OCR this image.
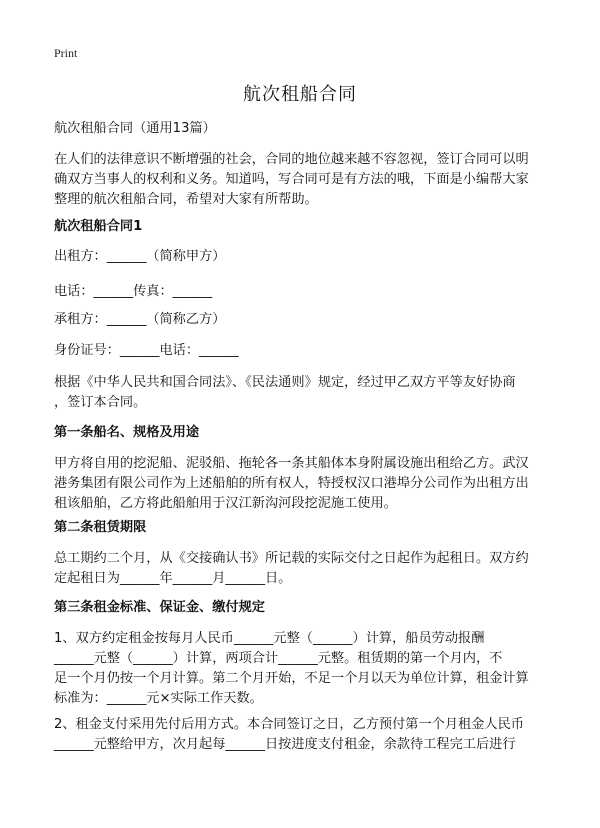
Print
航次租船合同
航次租船合同（通用13篇）
在人们的法律意识不断增强的社会，合同的地位越来越不容忽视，签订合同可以明
确双方当事人的权利和义务。知道吗，写合同可是有方法的哦，下面是小编帮大家
整理的航次租船合同，希望对大家有所帮助。
航次租船合同1
出租方：______（简称甲方）
电话：______传真：______
承租方：______（简称乙方）
身份证号：______电话：______
根据《中华人民共和国合同法》、《民法通则》规定，经过甲乙双方平等友好协商
，签订本合同。
第一条船名、规格及用途
甲方将自用的挖泥船、泥驳船、拖轮各一条其船体本身附属设施出租给乙方。武汉
港务集团有限公司作为上述船舶的所有权人，特授权汉口港埠分公司作为出租方出
租该船舶，乙方将此船舶用于汉江新沟河段挖泥施工使用。
第二条租赁期限
总工期约二个月，从《交接确认书》所记载的实际交付之日起作为起租日。双方约
定起租日为______年______月______日。
第三条租金标准、保证金、缴付规定
1、双方约定租金按每月人民币______元整（______）计算，船员劳动报酬
______元整（______）计算，两项合计______元整。租赁期的第一个月内，不
足一个月仍按一个月计算。第二个月开始，不足一个月以天为单位计算，租金计算
标准为：______元×实际工作天数。
2、租金支付采用先付后用方式。本合同签订之日，乙方预付第一个月租金人民币
______元整给甲方，次月起每______日按进度支付租金，余款待工程完工后进行
